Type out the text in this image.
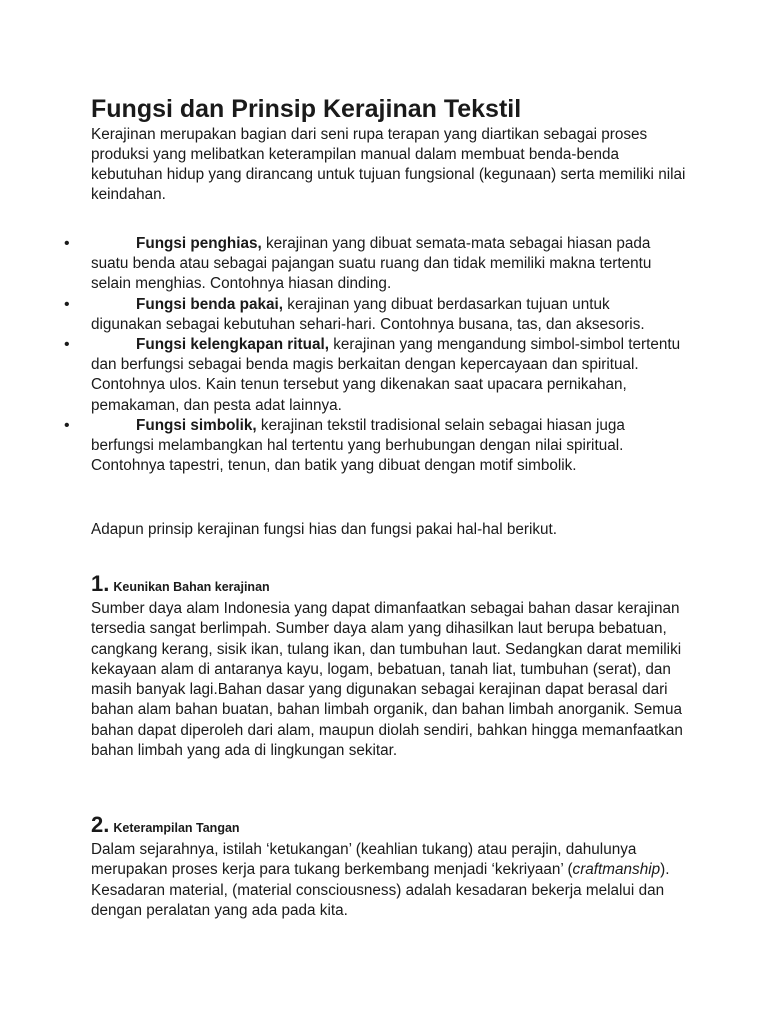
Fungsi dan Prinsip Kerajinan Tekstil

Kerajinan merupakan bagian dari seni rupa terapan yang diartikan sebagai proses produksi yang melibatkan keterampilan manual dalam membuat benda-benda kebutuhan hidup yang dirancang untuk tujuan fungsional (kegunaan) serta memiliki nilai keindahan.

•	Fungsi penghias, kerajinan yang dibuat semata-mata sebagai hiasan pada suatu benda atau sebagai pajangan suatu ruang dan tidak memiliki makna tertentu selain menghias. Contohnya hiasan dinding.
•	Fungsi benda pakai, kerajinan yang dibuat berdasarkan tujuan untuk digunakan sebagai kebutuhan sehari-hari. Contohnya busana, tas, dan aksesoris.
•	Fungsi kelengkapan ritual, kerajinan yang mengandung simbol-simbol tertentu dan berfungsi sebagai benda magis berkaitan dengan kepercayaan dan spiritual. Contohnya ulos. Kain tenun tersebut yang dikenakan saat upacara pernikahan, pemakaman, dan pesta adat lainnya.
•	Fungsi simbolik, kerajinan tekstil tradisional selain sebagai hiasan juga berfungsi melambangkan hal tertentu yang berhubungan dengan nilai spiritual. Contohnya tapestri, tenun, dan batik yang dibuat dengan motif simbolik.

Adapun prinsip kerajinan fungsi hias dan fungsi pakai hal-hal berikut.

1. Keunikan Bahan kerajinan

Sumber daya alam Indonesia yang dapat dimanfaatkan sebagai bahan dasar kerajinan tersedia sangat berlimpah. Sumber daya alam yang dihasilkan laut berupa bebatuan, cangkang kerang, sisik ikan, tulang ikan, dan tumbuhan laut. Sedangkan darat memiliki kekayaan alam di antaranya kayu, logam, bebatuan, tanah liat, tumbuhan (serat), dan masih banyak lagi.Bahan dasar yang digunakan sebagai kerajinan dapat berasal dari bahan alam bahan buatan, bahan limbah organik, dan bahan limbah anorganik. Semua bahan dapat diperoleh dari alam, maupun diolah sendiri, bahkan hingga memanfaatkan bahan limbah yang ada di lingkungan sekitar.

2. Keterampilan Tangan

Dalam sejarahnya, istilah ‘ketukangan’ (keahlian tukang) atau perajin, dahulunya merupakan proses kerja para tukang berkembang menjadi ‘kekriyaan’ (craftmanship). Kesadaran material, (material consciousness) adalah kesadaran bekerja melalui dan dengan peralatan yang ada pada kita.
